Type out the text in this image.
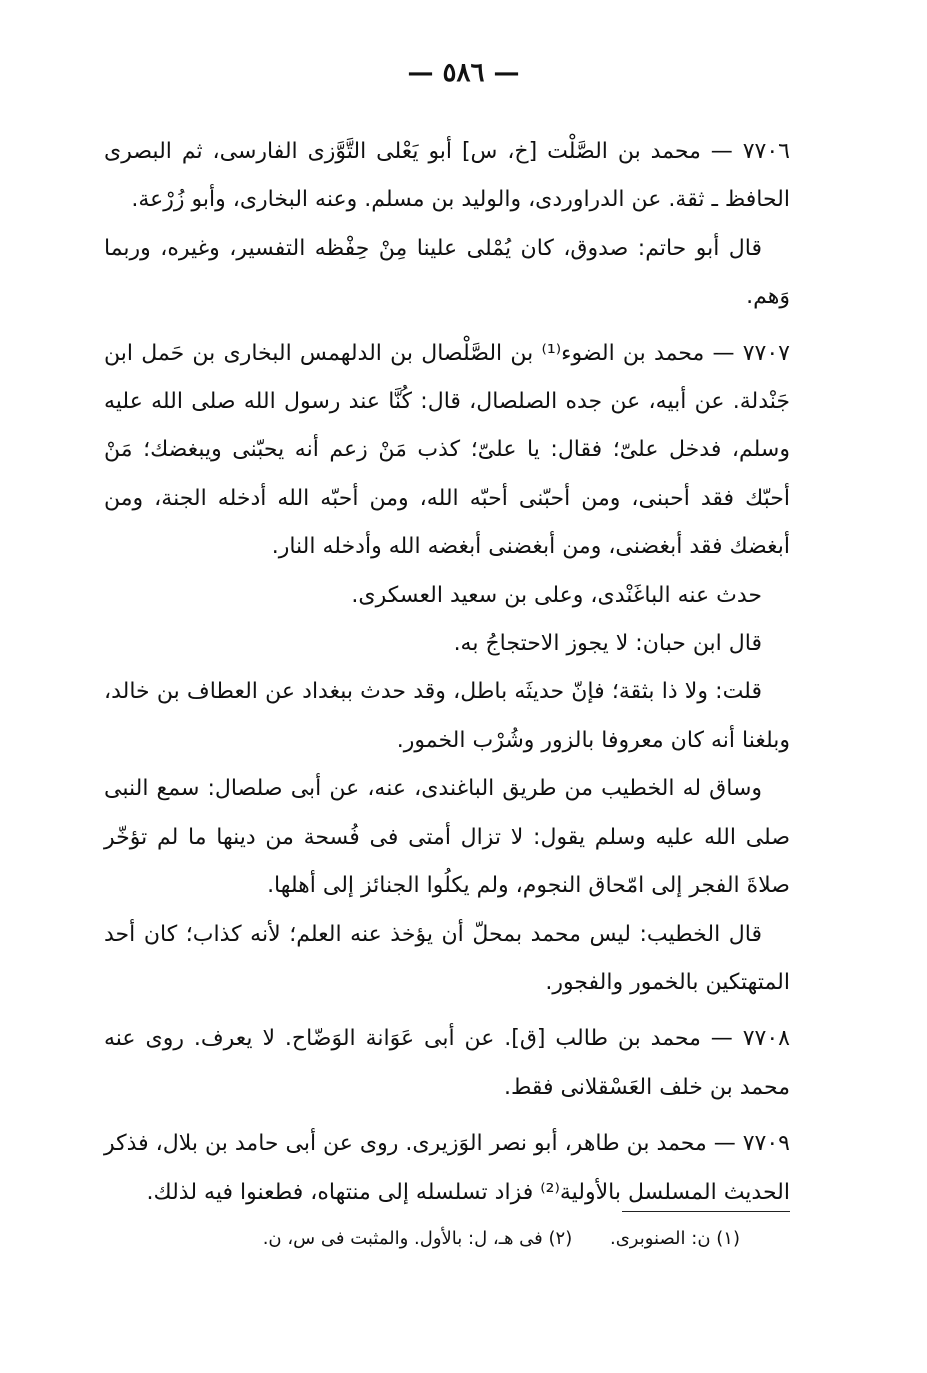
— ٥٨٦ —

٧٧٠٦ — محمد بن الصَّلْت [خ، س] أبو يَعْلى التَّوَّزى الفارسى، ثم البصرى الحافظ ـ ثقة. عن الدراوردى، والوليد بن مسلم. وعنه البخارى، وأبو زُرْعة.

قال أبو حاتم: صدوق، كان يُمْلى علينا مِنْ حِفْظه التفسير، وغيره، وربما وَهم.

٧٧٠٧ — محمد بن الضوء⁽¹⁾ بن الصَّلْصال بن الدلهمس البخارى بن حَمل ابن جَنْدلة. عن أبيه، عن جده الصلصال، قال: كُنَّا عند رسول الله صلى الله عليه وسلم، فدخل علىّ؛ فقال: يا علىّ؛ كذب مَنْ زعم أنه يحبّنى ويبغضك؛ مَنْ أحبّك فقد أحبنى، ومن أحبّنى أحبّه الله، ومن أحبّه الله أدخله الجنة، ومن أبغضك فقد أبغضنى، ومن أبغضنى أبغضه الله وأدخله النار.

حدث عنه الباغَنْدى، وعلى بن سعيد العسكرى.

قال ابن حبان: لا يجوز الاحتجاجُ به.

قلت: ولا ذا بثقة؛ فإنّ حديثَه باطل، وقد حدث ببغداد عن العطاف بن خالد، وبلغنا أنه كان معروفا بالزور وشُرْب الخمور.

وساق له الخطيب من طريق الباغندى، عنه، عن أبى صلصال: سمع النبى صلى الله عليه وسلم يقول: لا تزال أمتى فى فُسحة من دينها ما لم تؤخّر صلاةَ الفجر إلى امّحاق النجوم، ولم يكلُوا الجنائز إلى أهلها.

قال الخطيب: ليس محمد بمحلّ أن يؤخذ عنه العلم؛ لأنه كذاب؛ كان أحد المتهتكين بالخمور والفجور.

٧٧٠٨ — محمد بن طالب [ق]. عن أبى عَوَانة الوَضّاح. لا يعرف. روى عنه محمد بن خلف العَسْقلانى فقط.

٧٧٠٩ — محمد بن طاهر، أبو نصر الوَزيرى. روى عن أبى حامد بن بلال، فذكر الحديث المسلسل بالأولية⁽²⁾ فزاد تسلسله إلى منتهاه، فطعنوا فيه لذلك.

(١) ن: الصنوبرى. (٢) فى هـ، ل: بالأول. والمثبت فى س، ن.
